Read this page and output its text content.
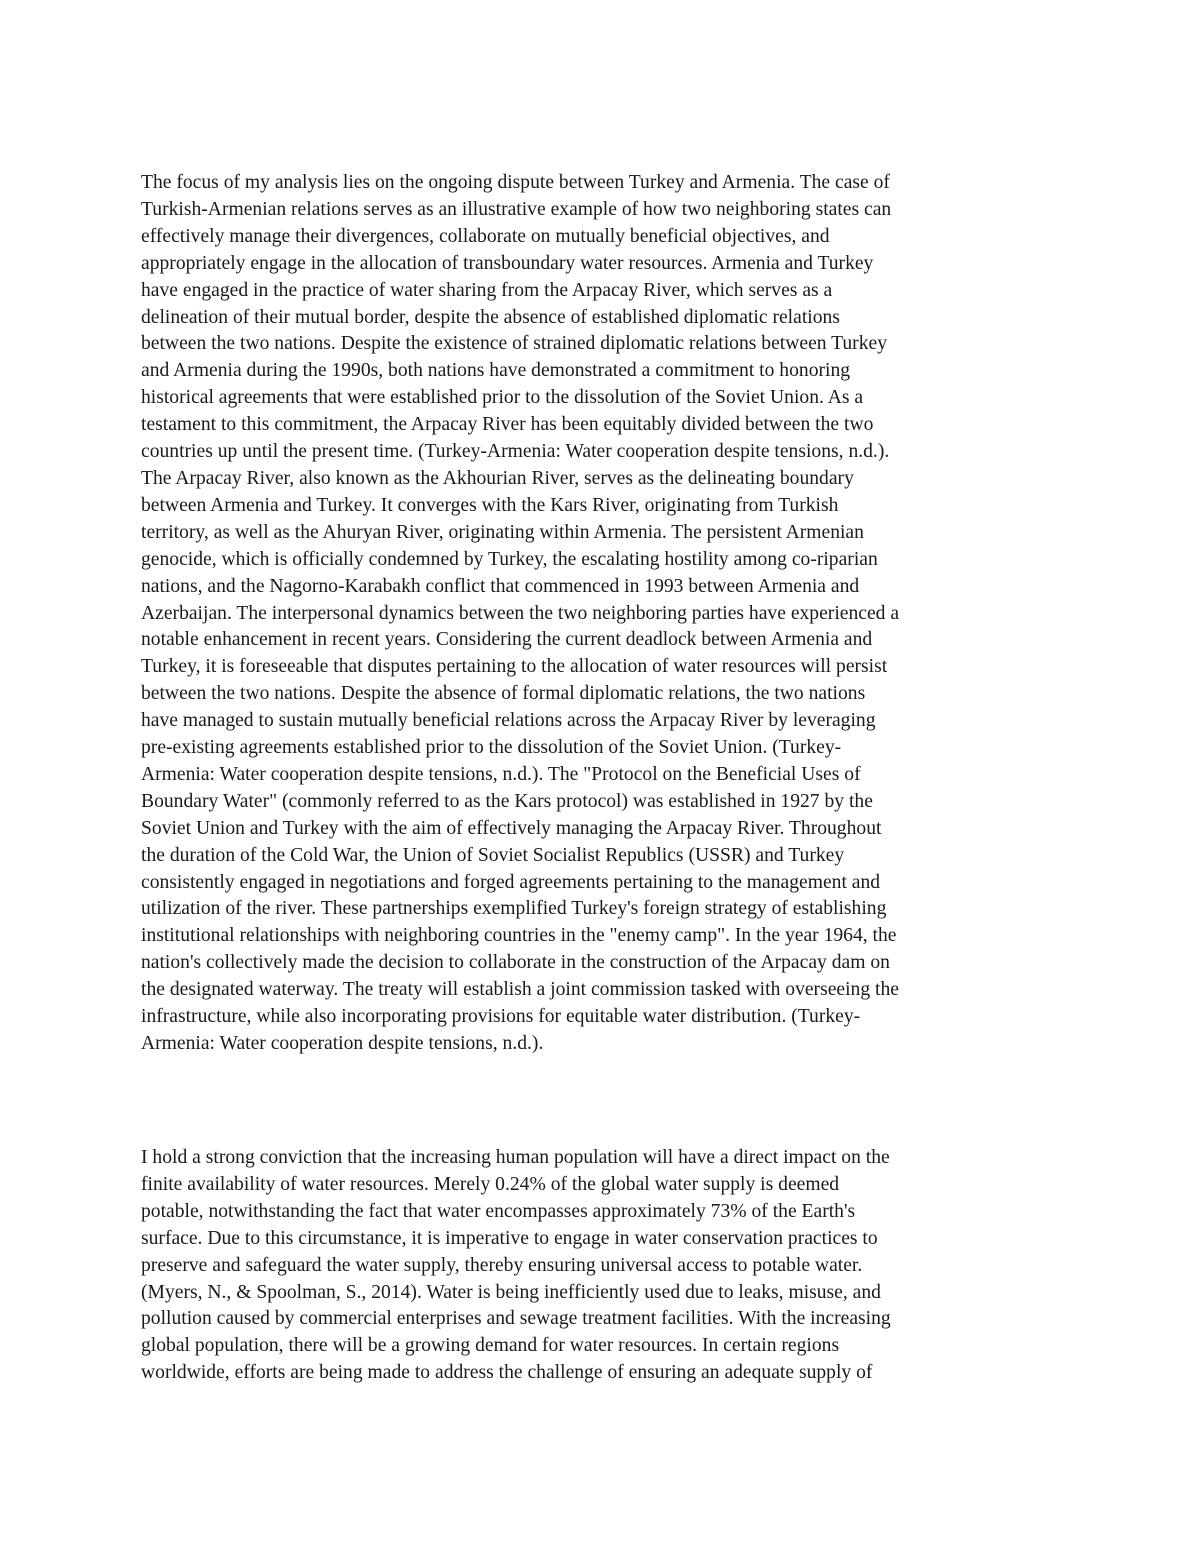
The focus of my analysis lies on the ongoing dispute between Turkey and Armenia. The case of
Turkish-Armenian relations serves as an illustrative example of how two neighboring states can
effectively manage their divergences, collaborate on mutually beneficial objectives, and
appropriately engage in the allocation of transboundary water resources. Armenia and Turkey
have engaged in the practice of water sharing from the Arpacay River, which serves as a
delineation of their mutual border, despite the absence of established diplomatic relations
between the two nations. Despite the existence of strained diplomatic relations between Turkey
and Armenia during the 1990s, both nations have demonstrated a commitment to honoring
historical agreements that were established prior to the dissolution of the Soviet Union. As a
testament to this commitment, the Arpacay River has been equitably divided between the two
countries up until the present time. (Turkey-Armenia: Water cooperation despite tensions, n.d.).
The Arpacay River, also known as the Akhourian River, serves as the delineating boundary
between Armenia and Turkey. It converges with the Kars River, originating from Turkish
territory, as well as the Ahuryan River, originating within Armenia. The persistent Armenian
genocide, which is officially condemned by Turkey, the escalating hostility among co-riparian
nations, and the Nagorno-Karabakh conflict that commenced in 1993 between Armenia and
Azerbaijan. The interpersonal dynamics between the two neighboring parties have experienced a
notable enhancement in recent years. Considering the current deadlock between Armenia and
Turkey, it is foreseeable that disputes pertaining to the allocation of water resources will persist
between the two nations. Despite the absence of formal diplomatic relations, the two nations
have managed to sustain mutually beneficial relations across the Arpacay River by leveraging
pre-existing agreements established prior to the dissolution of the Soviet Union. (Turkey-
Armenia: Water cooperation despite tensions, n.d.). The "Protocol on the Beneficial Uses of
Boundary Water" (commonly referred to as the Kars protocol) was established in 1927 by the
Soviet Union and Turkey with the aim of effectively managing the Arpacay River. Throughout
the duration of the Cold War, the Union of Soviet Socialist Republics (USSR) and Turkey
consistently engaged in negotiations and forged agreements pertaining to the management and
utilization of the river. These partnerships exemplified Turkey's foreign strategy of establishing
institutional relationships with neighboring countries in the "enemy camp". In the year 1964, the
nation's collectively made the decision to collaborate in the construction of the Arpacay dam on
the designated waterway. The treaty will establish a joint commission tasked with overseeing the
infrastructure, while also incorporating provisions for equitable water distribution. (Turkey-
Armenia: Water cooperation despite tensions, n.d.).

I hold a strong conviction that the increasing human population will have a direct impact on the
finite availability of water resources. Merely 0.24% of the global water supply is deemed
potable, notwithstanding the fact that water encompasses approximately 73% of the Earth's
surface. Due to this circumstance, it is imperative to engage in water conservation practices to
preserve and safeguard the water supply, thereby ensuring universal access to potable water.
(Myers, N., & Spoolman, S., 2014). Water is being inefficiently used due to leaks, misuse, and
pollution caused by commercial enterprises and sewage treatment facilities. With the increasing
global population, there will be a growing demand for water resources. In certain regions
worldwide, efforts are being made to address the challenge of ensuring an adequate supply of
